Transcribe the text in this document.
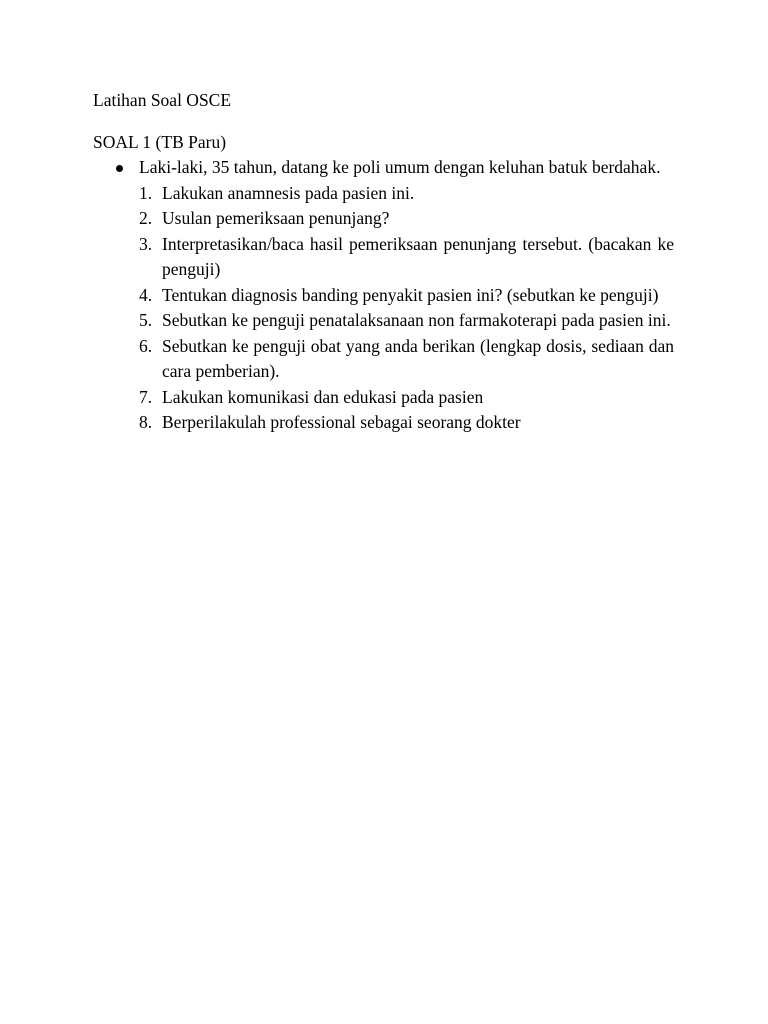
Latihan Soal OSCE
SOAL 1 (TB Paru)
Laki-laki, 35 tahun, datang ke poli umum dengan keluhan batuk berdahak.
1. Lakukan anamnesis pada pasien ini.
2. Usulan pemeriksaan penunjang?
3. Interpretasikan/baca hasil pemeriksaan penunjang tersebut. (bacakan ke penguji)
4. Tentukan diagnosis banding penyakit pasien ini? (sebutkan ke penguji)
5. Sebutkan ke penguji penatalaksanaan non farmakoterapi pada pasien ini.
6. Sebutkan ke penguji obat yang anda berikan (lengkap dosis, sediaan dan cara pemberian).
7. Lakukan komunikasi dan edukasi pada pasien
8. Berperilakulah professional sebagai seorang dokter
